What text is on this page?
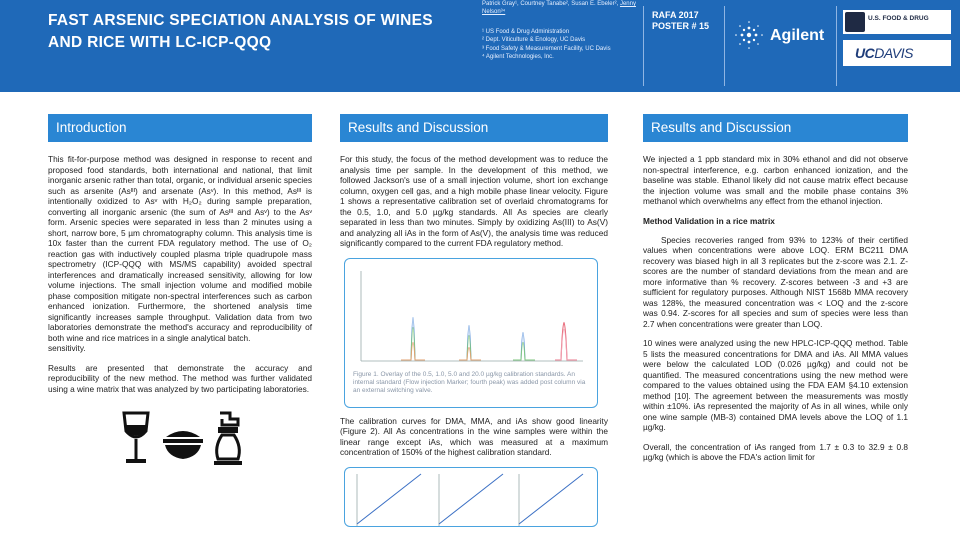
FAST ARSENIC SPECIATION ANALYSIS OF WINES AND RICE WITH LC-ICP-QQQ
Patrick Gray¹, Courtney Tanabe², Susan E. Ebeler², Jenny Nelson³⁴
¹ US Food & Drug Administration
² Dept. Viticulture & Enology, UC Davis
³ Food Safety & Measurement Facility, UC Davis
⁴ Agilent Technologies, Inc.
RAFA 2017
POSTER # 15
Agilent
U.S. FOOD & DRUG
UCDAVIS
Introduction

This fit-for-purpose method was designed in response to recent and proposed food standards, both international and national, that limit inorganic arsenic rather than total, organic, or individual arsenic species such as arsenite (Asᴵᴵᴵ) and arsenate (Asᵛ). In this method, Asᴵᴵᴵ is intentionally oxidized to Asᵛ with H₂O₂ during sample preparation, converting all inorganic arsenic (the sum of Asᴵᴵᴵ and Asᵛ) to the Asᵛ form. Arsenic species were separated in less than 2 minutes using a short, narrow bore, 5 µm chromatography column. This analysis time is 10x faster than the current FDA regulatory method. The use of O₂ reaction gas with inductively coupled plasma triple quadrupole mass spectrometry (ICP-QQQ with MS/MS capability) avoided spectral interferences and dramatically increased sensitivity, allowing for low volume injections. The small injection volume and modified mobile phase composition mitigate non-spectral interferences such as carbon enhanced ionization. Furthermore, the shortened analysis time significantly increases sample throughput. Validation data from two laboratories demonstrate the method's accuracy and reproducibility of both wine and rice matrices in a single analytical batch.

sensitivity.

Results are presented that demonstrate the accuracy and reproducibility of the new method. The method was further validated using a wine matrix that was analyzed by two participating laboratories.

Results and Discussion

For this study, the focus of the method development was to reduce the analysis time per sample. In the development of this method, we followed Jackson's use of a small injection volume, short ion exchange column, oxygen cell gas, and a high mobile phase linear velocity. Figure 1 shows a representative calibration set of overlaid chromatograms for the 0.5, 1.0, and 5.0 µg/kg standards. All As species are clearly separated in less than two minutes. Simply by oxidizing As(III) to As(V) and analyzing all iAs in the form of As(V), the analysis time was reduced significantly compared to the current FDA regulatory method.

Figure 1. Overlay of the 0.5, 1.0, 5.0 and 20.0 µg/kg calibration standards. An internal standard (Flow injection Marker; fourth peak) was added post column via an external switching valve.

The calibration curves for DMA, MMA, and iAs show good linearity (Figure 2). All As concentrations in the wine samples were within the linear range except iAs, which was measured at a maximum concentration of 150% of the highest calibration standard.

Results and Discussion

We injected a 1 ppb standard mix in 30% ethanol and did not observe non-spectral interference, e.g. carbon enhanced ionization, and the baseline was stable. Ethanol likely did not cause matrix effect because the injection volume was small and the mobile phase contains 3% methanol which overwhelms any effect from the ethanol injection.

Method Validation in a rice matrix

Species recoveries ranged from 93% to 123% of their certified values when concentrations were above LOQ. ERM BC211 DMA recovery was biased high in all 3 replicates but the z-score was 2.1. Z-scores are the number of standard deviations from the mean and are more informative than % recovery. Z-scores between -3 and +3 are sufficient for regulatory purposes. Although NIST 1568b MMA recovery was 128%, the measured concentration was < LOQ and the z-score was 0.94. Z-scores for all species and sum of species were less than 2.7 when concentrations were greater than LOQ.

10 wines were analyzed using the new HPLC-ICP-QQQ method. Table 5 lists the measured concentrations for DMA and iAs. All MMA values were below the calculated LOD (0.026 µg/kg) and could not be quantified. The measured concentrations using the new method were compared to the values obtained using the FDA EAM §4.10 extension method [10]. The agreement between the measurements was mostly within ±10%. iAs represented the majority of As in all wines, while only one wine sample (MB-3) contained DMA levels above the LOQ of 1.1 µg/kg.

Overall, the concentration of iAs ranged from 1.7 ± 0.3 to 32.9 ± 0.8 µg/kg (which is above the FDA's action limit for
